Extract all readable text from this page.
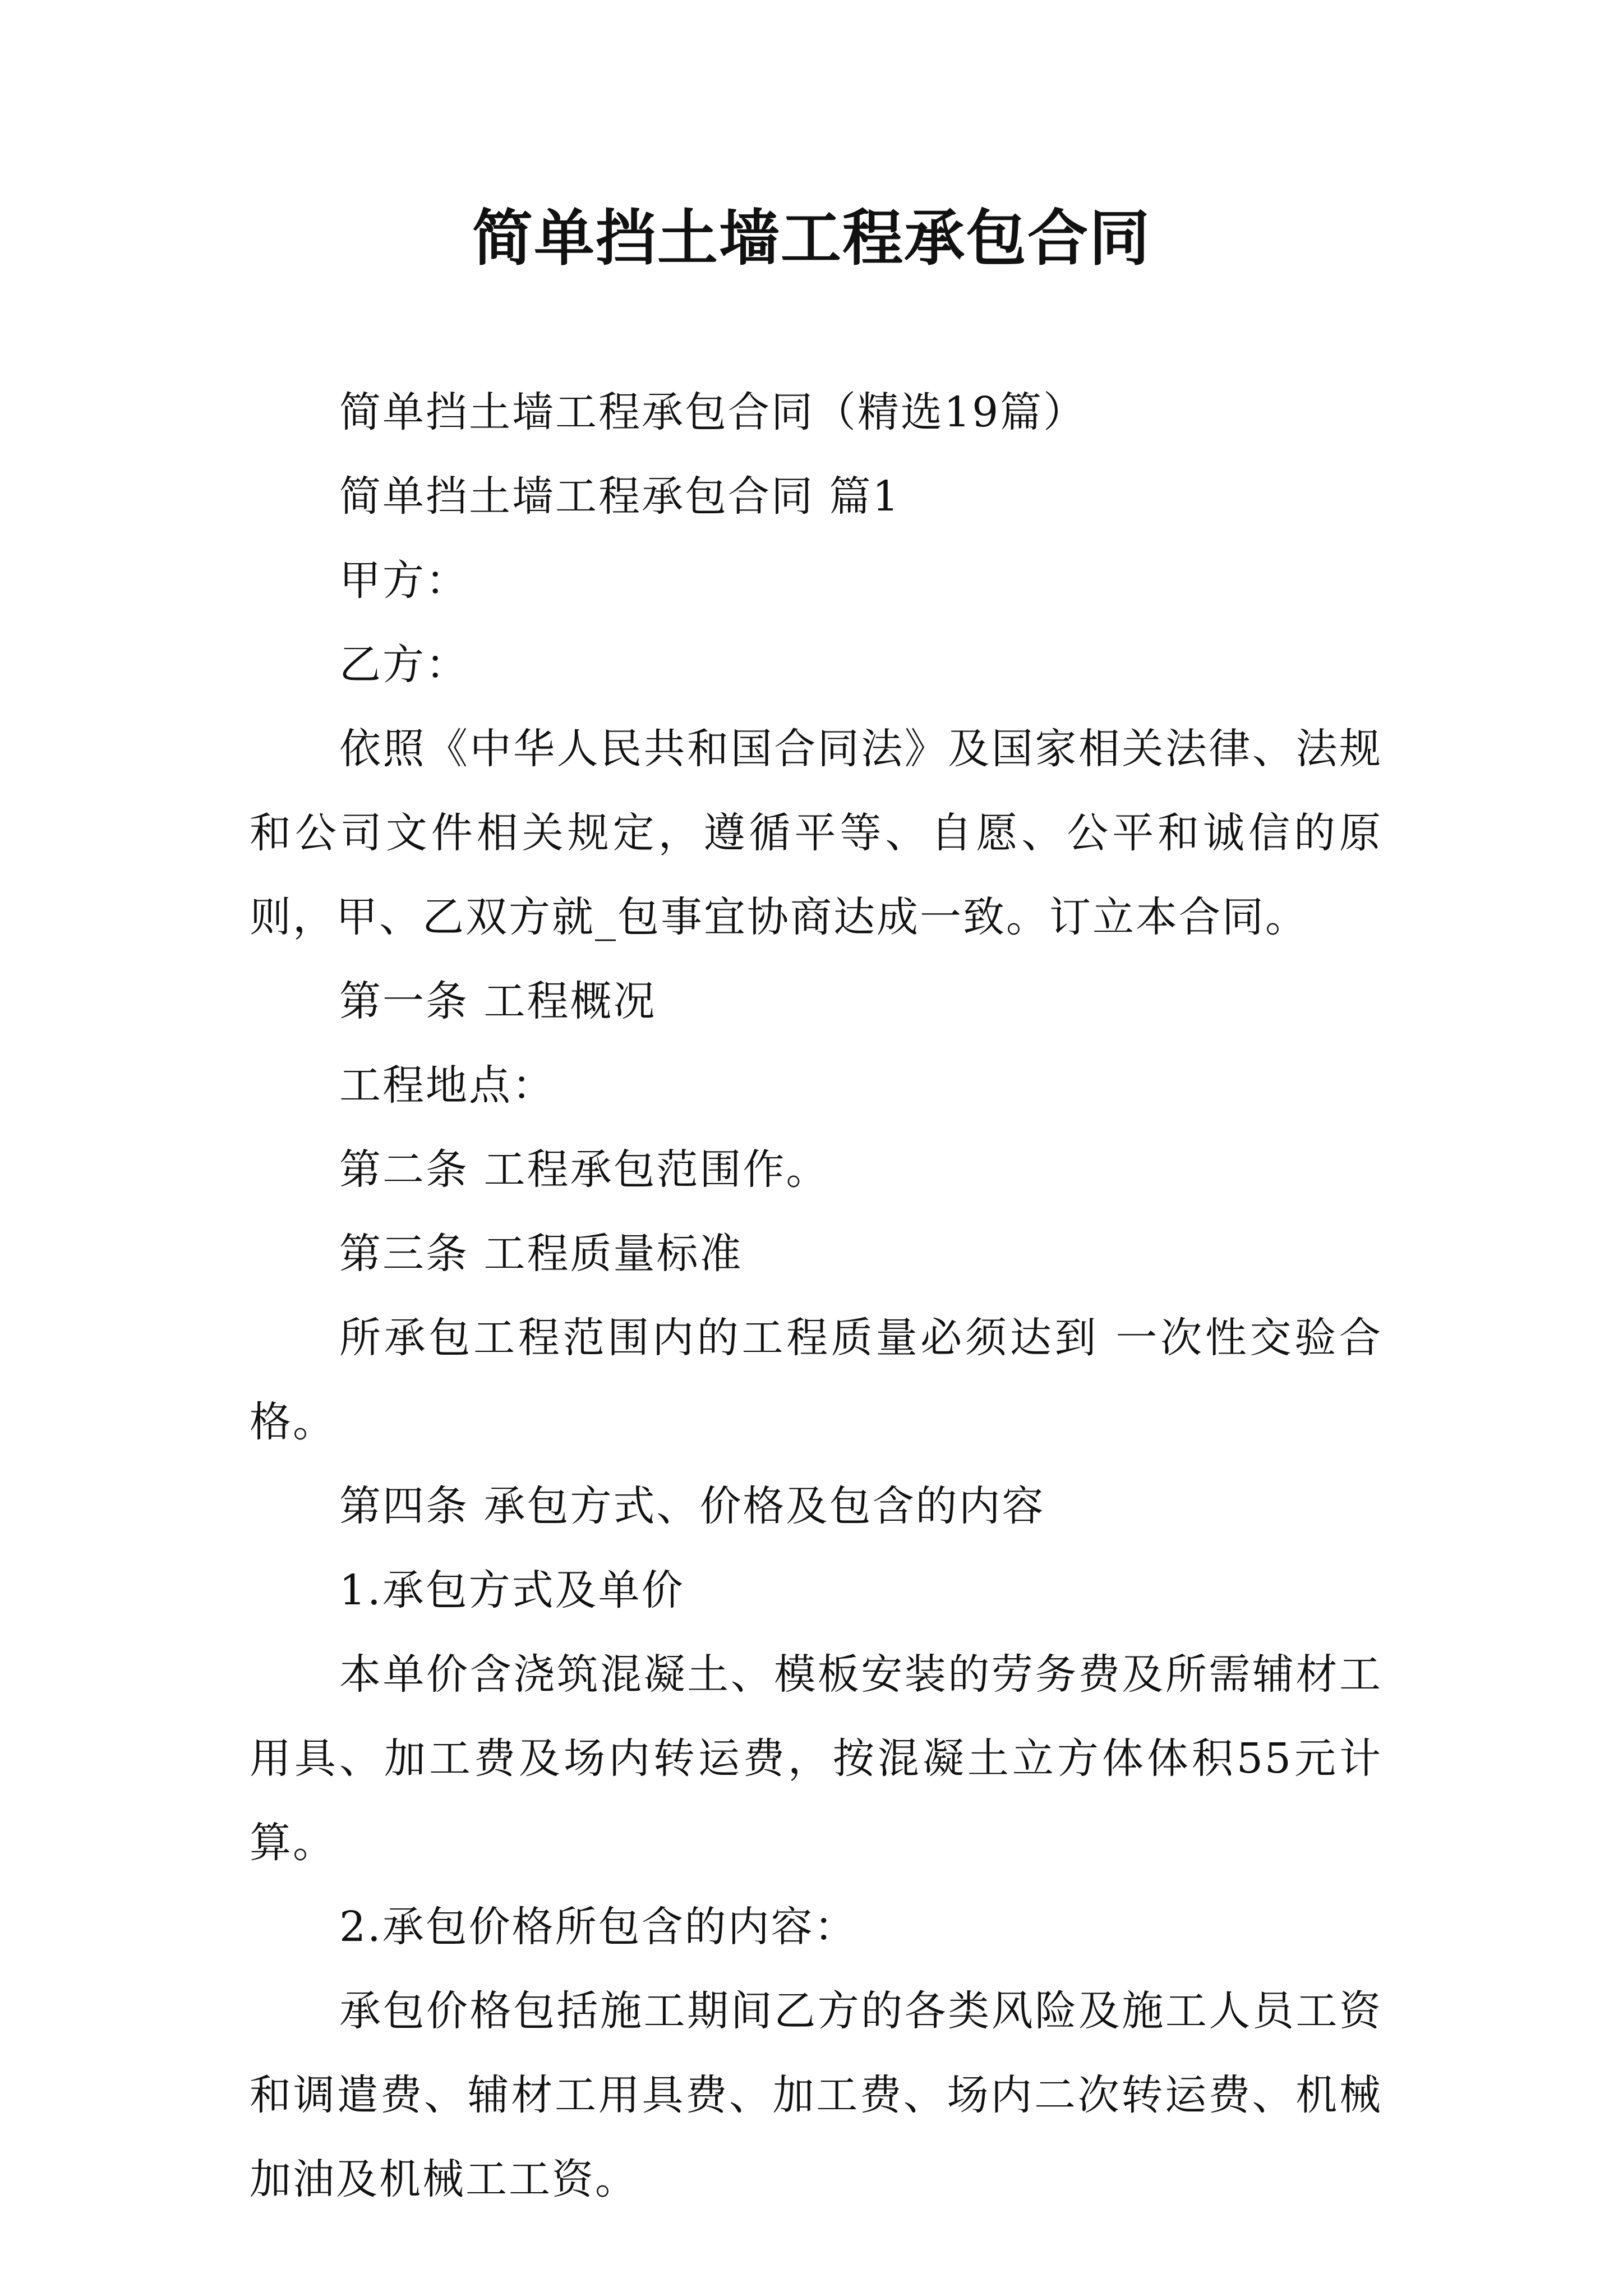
简单挡土墙工程承包合同

简单挡土墙工程承包合同（精选19篇）

简单挡土墙工程承包合同 篇1

甲方：

乙方：

依照《中华人民共和国合同法》及国家相关法律、法规和公司文件相关规定，遵循平等、自愿、公平和诚信的原则，甲、乙双方就_包事宜协商达成一致。订立本合同。

第一条 工程概况

工程地点：

第二条 工程承包范围作。

第三条 工程质量标准

所承包工程范围内的工程质量必须达到 一次性交验合格。

第四条 承包方式、价格及包含的内容

1.承包方式及单价

本单价含浇筑混凝土、模板安装的劳务费及所需辅材工用具、加工费及场内转运费，按混凝土立方体体积55元计算。

2.承包价格所包含的内容：

承包价格包括施工期间乙方的各类风险及施工人员工资和调遣费、辅材工用具费、加工费、场内二次转运费、机械加油及机械工工资。
